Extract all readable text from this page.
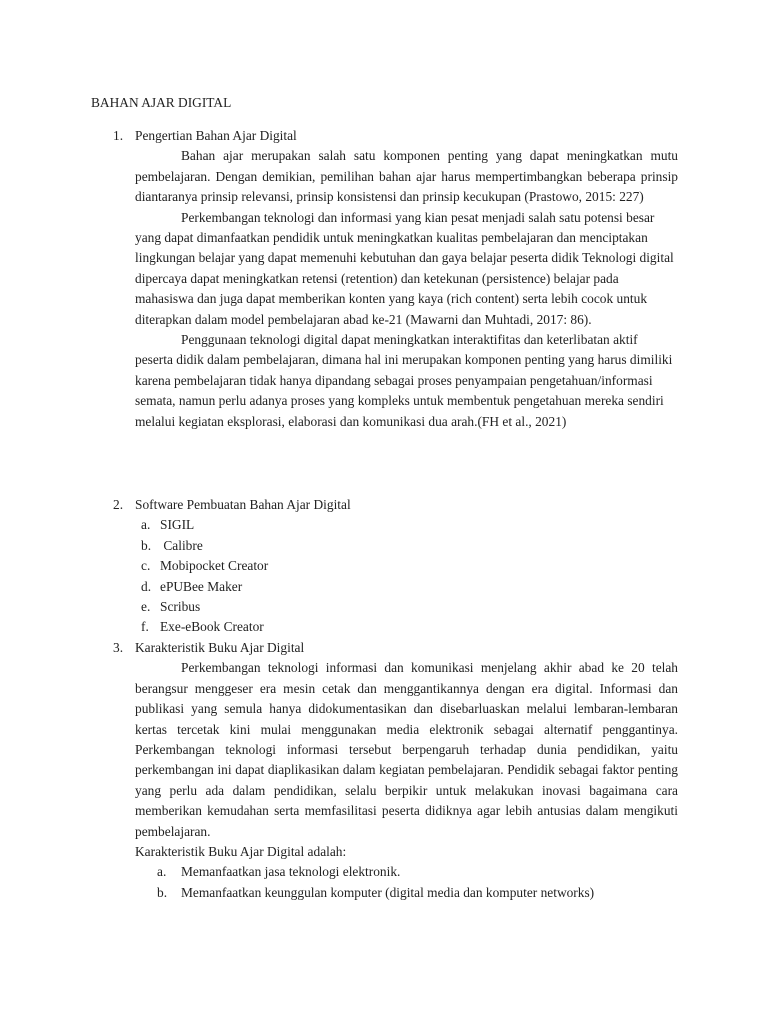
BAHAN AJAR DIGITAL
1. Pengertian Bahan Ajar Digital

Bahan ajar merupakan salah satu komponen penting yang dapat meningkatkan mutu pembelajaran. Dengan demikian, pemilihan bahan ajar harus mempertimbangkan beberapa prinsip diantaranya prinsip relevansi, prinsip konsistensi dan prinsip kecukupan (Prastowo, 2015: 227)

Perkembangan teknologi dan informasi yang kian pesat menjadi salah satu potensi besar yang dapat dimanfaatkan pendidik untuk meningkatkan kualitas pembelajaran dan menciptakan lingkungan belajar yang dapat memenuhi kebutuhan dan gaya belajar peserta didik Teknologi digital dipercaya dapat meningkatkan retensi (retention) dan ketekunan (persistence) belajar pada mahasiswa dan juga dapat memberikan konten yang kaya (rich content) serta lebih cocok untuk diterapkan dalam model pembelajaran abad ke-21 (Mawarni dan Muhtadi, 2017: 86).

Penggunaan teknologi digital dapat meningkatkan interaktifitas dan keterlibatan aktif peserta didik dalam pembelajaran, dimana hal ini merupakan komponen penting yang harus dimiliki karena pembelajaran tidak hanya dipandang sebagai proses penyampaian pengetahuan/informasi semata, namun perlu adanya proses yang kompleks untuk membentuk pengetahuan mereka sendiri melalui kegiatan eksplorasi, elaborasi dan komunikasi dua arah.(FH et al., 2021)

2. Software Pembuatan Bahan Ajar Digital
a. SIGIL
b. Calibre
c. Mobipocket Creator
d. ePUBee Maker
e. Scribus
f. Exe-eBook Creator
3. Karakteristik Buku Ajar Digital

Perkembangan teknologi informasi dan komunikasi menjelang akhir abad ke 20 telah berangsur menggeser era mesin cetak dan menggantikannya dengan era digital. Informasi dan publikasi yang semula hanya didokumentasikan dan disebarluaskan melalui lembaran-lembaran kertas tercetak kini mulai menggunakan media elektronik sebagai alternatif penggantinya. Perkembangan teknologi informasi tersebut berpengaruh terhadap dunia pendidikan, yaitu perkembangan ini dapat diaplikasikan dalam kegiatan pembelajaran. Pendidik sebagai faktor penting yang perlu ada dalam pendidikan, selalu berpikir untuk melakukan inovasi bagaimana cara memberikan kemudahan serta memfasilitasi peserta didiknya agar lebih antusias dalam mengikuti pembelajaran.

Karakteristik Buku Ajar Digital adalah:

a. Memanfaatkan jasa teknologi elektronik.
b. Memanfaatkan keunggulan komputer (digital media dan komputer networks)
